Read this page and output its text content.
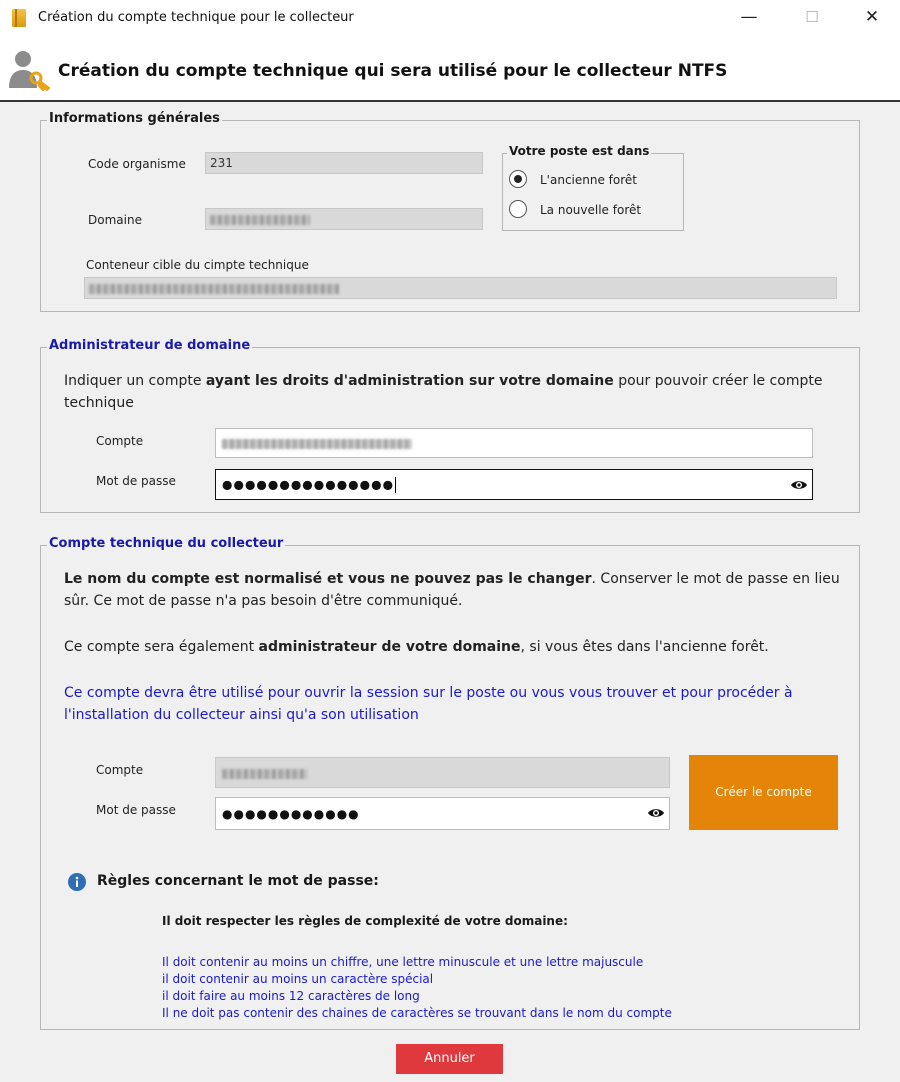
Création du compte technique pour le collecteur	—	☐	✕
Création du compte technique qui sera utilisé pour le collecteur NTFS
Informations générales
Code organisme	231
Domaine
Votre poste est dans
L'ancienne forêt
La nouvelle forêt
Conteneur cible du cimpte technique
Administrateur de domaine
Indiquer un compte ayant les droits d'administration sur votre domaine pour pouvoir créer le compte technique
Compte
Mot de passe	●●●●●●●●●●●●●●●
Compte technique du collecteur
Le nom du compte est normalisé et vous ne pouvez pas le changer. Conserver le mot de passe en lieu sûr. Ce mot de passe n'a pas besoin d'être communiqué.
Ce compte sera également administrateur de votre domaine, si vous êtes dans l'ancienne forêt.
Ce compte devra être utilisé pour ouvrir la session sur le poste ou vous vous trouver et pour procéder à l'installation du collecteur ainsi qu'a son utilisation
Compte
Mot de passe	●●●●●●●●●●●●
Créer le compte
Règles concernant le mot de passe:
Il doit respecter les règles de complexité de votre domaine:
Il doit contenir au moins un chiffre, une lettre minuscule et une lettre majuscule
il doit contenir au moins un caractère spécial
il doit faire au moins 12 caractères de long
Il ne doit pas contenir des chaines de caractères se trouvant dans le nom du compte
Annuler
